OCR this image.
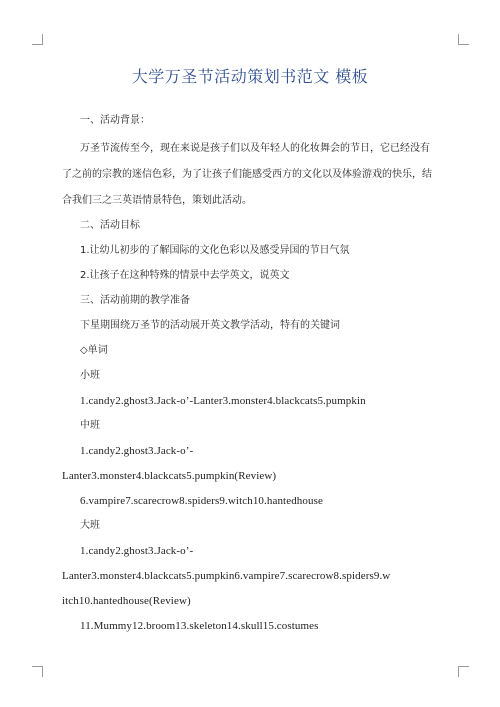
大学万圣节活动策划书范文 模板
一、活动背景：
万圣节流传至今，现在来说是孩子们以及年轻人的化妆舞会的节日，它已经没有
了之前的宗教的迷信色彩，为了让孩子们能感受西方的文化以及体验游戏的快乐，结
合我们三之三英语情景特色，策划此活动。
二、活动目标
1.让幼儿初步的了解国际的文化色彩以及感受异国的节日气氛
2.让孩子在这种特殊的情景中去学英文，说英文
三、活动前期的教学准备
下星期围绕万圣节的活动展开英文教学活动，特有的关键词
◇单词
小班
1.candy2.ghost3.Jack-o’-Lanter3.monster4.blackcats5.pumpkin
中班
1.candy2.ghost3.Jack-o’-
Lanter3.monster4.blackcats5.pumpkin(Review)
6.vampire7.scarecrow8.spiders9.witch10.hantedhouse
大班
1.candy2.ghost3.Jack-o’-
Lanter3.monster4.blackcats5.pumpkin6.vampire7.scarecrow8.spiders9.w
itch10.hantedhouse(Review)
11.Mummy12.broom13.skeleton14.skull15.costumes
